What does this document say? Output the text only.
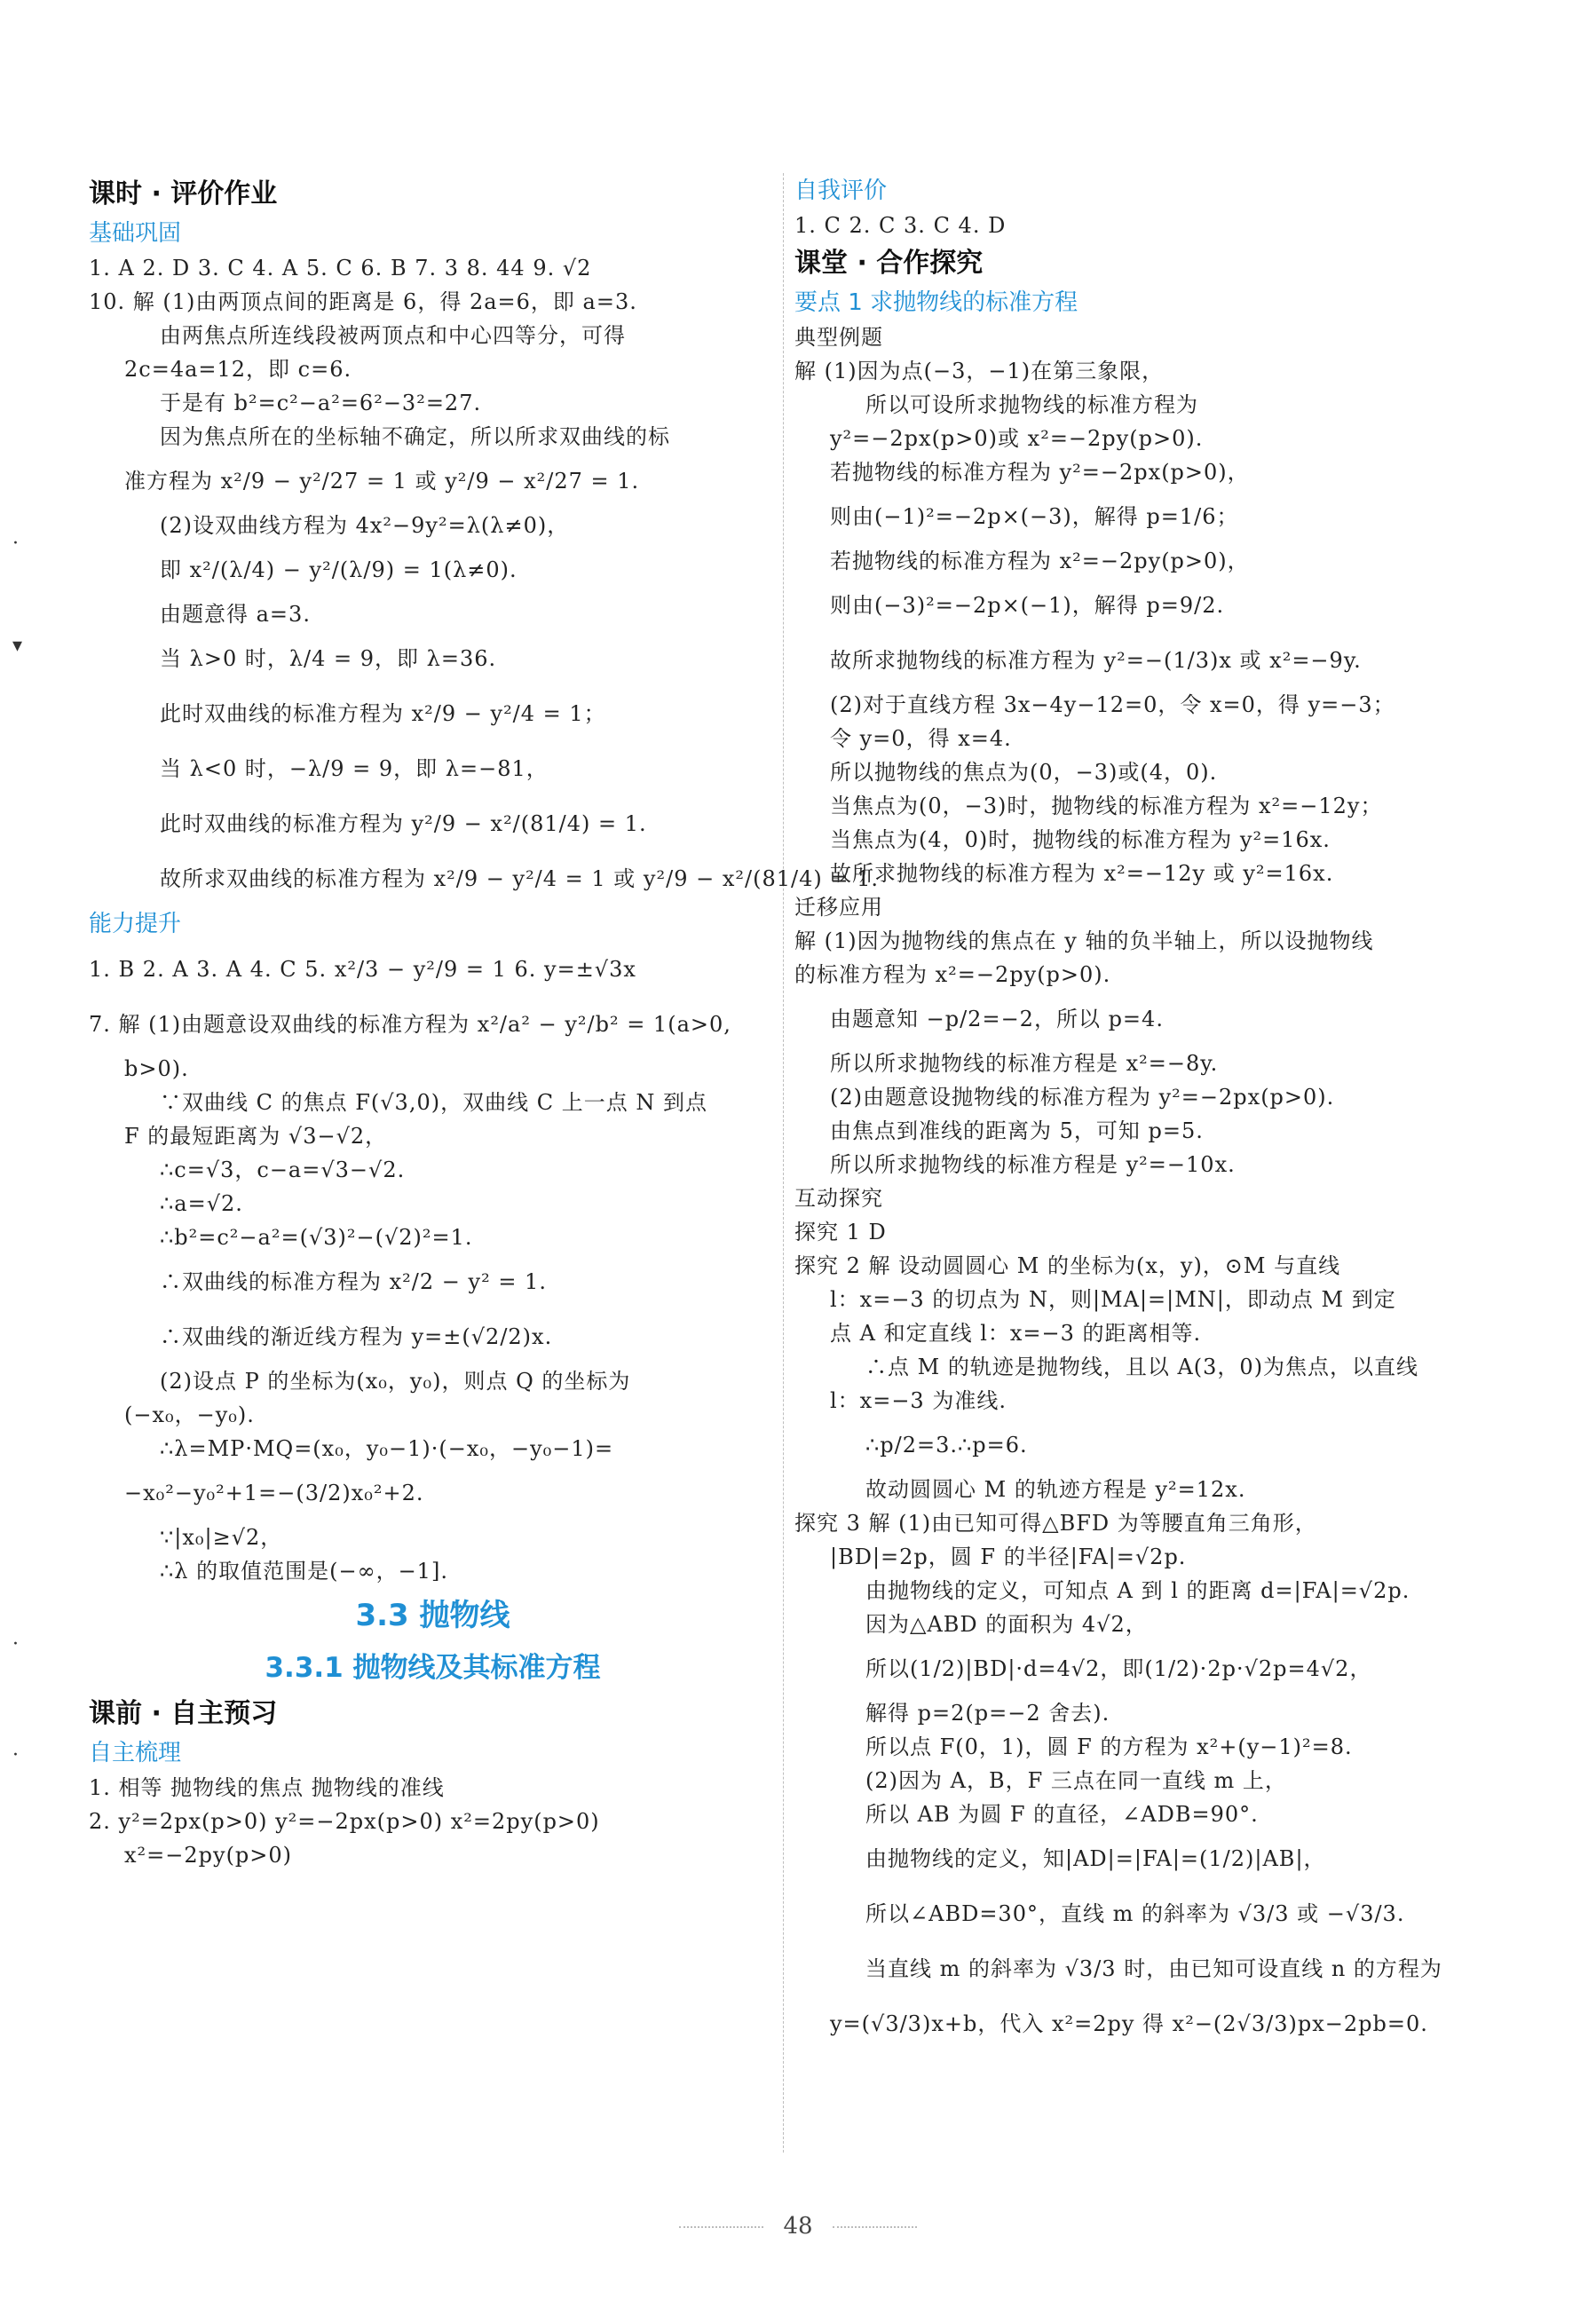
·
▾
·
·
课时 · 评价作业
基础巩固
1. A 2. D 3. C 4. A 5. C 6. B 7. 3 8. 44 9. √2
10. 解 (1)由两顶点间的距离是 6，得 2a=6，即 a=3.
由两焦点所连线段被两顶点和中心四等分，可得
2c=4a=12，即 c=6.
于是有 b²=c²−a²=6²−3²=27.
因为焦点所在的坐标轴不确定，所以所求双曲线的标
准方程为 x²/9 − y²/27 = 1 或 y²/9 − x²/27 = 1.
(2)设双曲线方程为 4x²−9y²=λ(λ≠0)，
即 x²/(λ/4) − y²/(λ/9) = 1(λ≠0).
由题意得 a=3.
当 λ>0 时，λ/4 = 9，即 λ=36.
此时双曲线的标准方程为 x²/9 − y²/4 = 1；
当 λ<0 时，−λ/9 = 9，即 λ=−81，
此时双曲线的标准方程为 y²/9 − x²/(81/4) = 1.
故所求双曲线的标准方程为 x²/9 − y²/4 = 1 或 y²/9 − x²/(81/4) = 1.
能力提升
1. B 2. A 3. A 4. C 5. x²/3 − y²/9 = 1 6. y=±√3x
7. 解 (1)由题意设双曲线的标准方程为 x²/a² − y²/b² = 1(a>0,
b>0).
∵双曲线 C 的焦点 F(√3,0)，双曲线 C 上一点 N 到点
F 的最短距离为 √3−√2，
∴c=√3，c−a=√3−√2.
∴a=√2.
∴b²=c²−a²=(√3)²−(√2)²=1.
∴双曲线的标准方程为 x²/2 − y² = 1.
∴双曲线的渐近线方程为 y=±(√2/2)x.
(2)设点 P 的坐标为(x₀，y₀)，则点 Q 的坐标为
(−x₀，−y₀).
∴λ=MP·MQ=(x₀，y₀−1)·(−x₀，−y₀−1)=
−x₀²−y₀²+1=−(3/2)x₀²+2.
∵|x₀|≥√2，
∴λ 的取值范围是(−∞，−1].
3.3 抛物线
3.3.1 抛物线及其标准方程
课前 · 自主预习
自主梳理
1. 相等 抛物线的焦点 抛物线的准线
2. y²=2px(p>0) y²=−2px(p>0) x²=2py(p>0)
x²=−2py(p>0)
自我评价
1. C 2. C 3. C 4. D
课堂 · 合作探究
要点 1 求抛物线的标准方程
典型例题
解 (1)因为点(−3，−1)在第三象限，
所以可设所求抛物线的标准方程为
y²=−2px(p>0)或 x²=−2py(p>0).
若抛物线的标准方程为 y²=−2px(p>0)，
则由(−1)²=−2p×(−3)，解得 p=1/6；
若抛物线的标准方程为 x²=−2py(p>0)，
则由(−3)²=−2p×(−1)，解得 p=9/2.
故所求抛物线的标准方程为 y²=−(1/3)x 或 x²=−9y.
(2)对于直线方程 3x−4y−12=0，令 x=0，得 y=−3；
令 y=0，得 x=4.
所以抛物线的焦点为(0，−3)或(4，0).
当焦点为(0，−3)时，抛物线的标准方程为 x²=−12y；
当焦点为(4，0)时，抛物线的标准方程为 y²=16x.
故所求抛物线的标准方程为 x²=−12y 或 y²=16x.
迁移应用
解 (1)因为抛物线的焦点在 y 轴的负半轴上，所以设抛物线
的标准方程为 x²=−2py(p>0).
由题意知 −p/2=−2，所以 p=4.
所以所求抛物线的标准方程是 x²=−8y.
(2)由题意设抛物线的标准方程为 y²=−2px(p>0).
由焦点到准线的距离为 5，可知 p=5.
所以所求抛物线的标准方程是 y²=−10x.
互动探究
探究 1 D
探究 2 解 设动圆圆心 M 的坐标为(x，y)，⊙M 与直线
l：x=−3 的切点为 N，则|MA|=|MN|，即动点 M 到定
点 A 和定直线 l：x=−3 的距离相等.
∴点 M 的轨迹是抛物线，且以 A(3，0)为焦点，以直线
l：x=−3 为准线.
∴p/2=3.∴p=6.
故动圆圆心 M 的轨迹方程是 y²=12x.
探究 3 解 (1)由已知可得△BFD 为等腰直角三角形，
|BD|=2p，圆 F 的半径|FA|=√2p.
由抛物线的定义，可知点 A 到 l 的距离 d=|FA|=√2p.
因为△ABD 的面积为 4√2，
所以(1/2)|BD|·d=4√2，即(1/2)·2p·√2p=4√2，
解得 p=2(p=−2 舍去).
所以点 F(0，1)，圆 F 的方程为 x²+(y−1)²=8.
(2)因为 A，B，F 三点在同一直线 m 上，
所以 AB 为圆 F 的直径，∠ADB=90°.
由抛物线的定义，知|AD|=|FA|=(1/2)|AB|，
所以∠ABD=30°，直线 m 的斜率为 √3/3 或 −√3/3.
当直线 m 的斜率为 √3/3 时，由已知可设直线 n 的方程为
y=(√3/3)x+b，代入 x²=2py 得 x²−(2√3/3)px−2pb=0.
48
